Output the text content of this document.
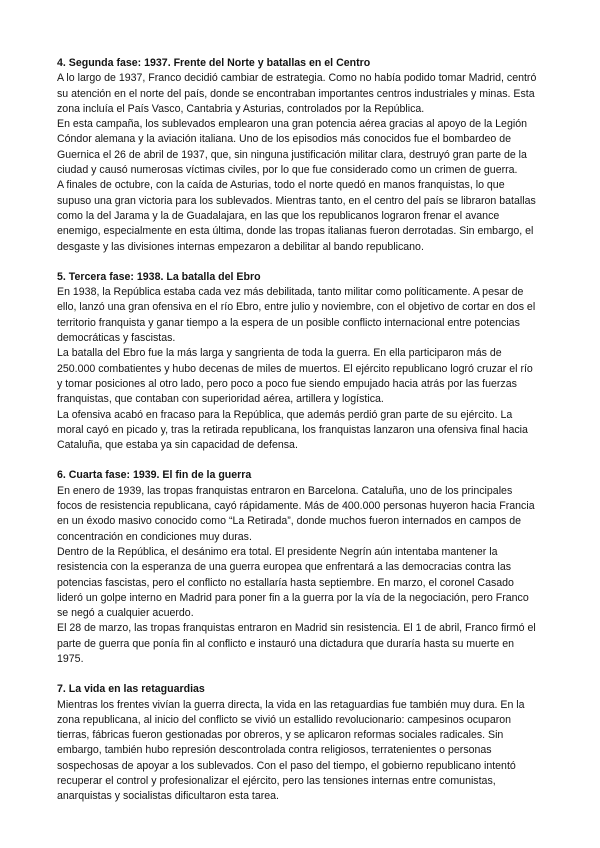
4. Segunda fase: 1937. Frente del Norte y batallas en el Centro

A lo largo de 1937, Franco decidió cambiar de estrategia. Como no había podido tomar Madrid, centró su atención en el norte del país, donde se encontraban importantes centros industriales y minas. Esta zona incluía el País Vasco, Cantabria y Asturias, controlados por la República.

En esta campaña, los sublevados emplearon una gran potencia aérea gracias al apoyo de la Legión Cóndor alemana y la aviación italiana. Uno de los episodios más conocidos fue el bombardeo de Guernica el 26 de abril de 1937, que, sin ninguna justificación militar clara, destruyó gran parte de la ciudad y causó numerosas víctimas civiles, por lo que fue considerado como un crimen de guerra.

A finales de octubre, con la caída de Asturias, todo el norte quedó en manos franquistas, lo que supuso una gran victoria para los sublevados. Mientras tanto, en el centro del país se libraron batallas como la del Jarama y la de Guadalajara, en las que los republicanos lograron frenar el avance enemigo, especialmente en esta última, donde las tropas italianas fueron derrotadas. Sin embargo, el desgaste y las divisiones internas empezaron a debilitar al bando republicano.

5. Tercera fase: 1938. La batalla del Ebro

En 1938, la República estaba cada vez más debilitada, tanto militar como políticamente. A pesar de ello, lanzó una gran ofensiva en el río Ebro, entre julio y noviembre, con el objetivo de cortar en dos el territorio franquista y ganar tiempo a la espera de un posible conflicto internacional entre potencias democráticas y fascistas.

La batalla del Ebro fue la más larga y sangrienta de toda la guerra. En ella participaron más de 250.000 combatientes y hubo decenas de miles de muertos. El ejército republicano logró cruzar el río y tomar posiciones al otro lado, pero poco a poco fue siendo empujado hacia atrás por las fuerzas franquistas, que contaban con superioridad aérea, artillera y logística.

La ofensiva acabó en fracaso para la República, que además perdió gran parte de su ejército. La moral cayó en picado y, tras la retirada republicana, los franquistas lanzaron una ofensiva final hacia Cataluña, que estaba ya sin capacidad de defensa.

6. Cuarta fase: 1939. El fin de la guerra

En enero de 1939, las tropas franquistas entraron en Barcelona. Cataluña, uno de los principales focos de resistencia republicana, cayó rápidamente. Más de 400.000 personas huyeron hacia Francia en un éxodo masivo conocido como “La Retirada”, donde muchos fueron internados en campos de concentración en condiciones muy duras.

Dentro de la República, el desánimo era total. El presidente Negrín aún intentaba mantener la resistencia con la esperanza de una guerra europea que enfrentará a las democracias contra las potencias fascistas, pero el conflicto no estallaría hasta septiembre. En marzo, el coronel Casado lideró un golpe interno en Madrid para poner fin a la guerra por la vía de la negociación, pero Franco se negó a cualquier acuerdo.

El 28 de marzo, las tropas franquistas entraron en Madrid sin resistencia. El 1 de abril, Franco firmó el parte de guerra que ponía fin al conflicto e instauró una dictadura que duraría hasta su muerte en 1975.

7. La vida en las retaguardias

Mientras los frentes vivían la guerra directa, la vida en las retaguardias fue también muy dura. En la zona republicana, al inicio del conflicto se vivió un estallido revolucionario: campesinos ocuparon tierras, fábricas fueron gestionadas por obreros, y se aplicaron reformas sociales radicales. Sin embargo, también hubo represión descontrolada contra religiosos, terratenientes o personas sospechosas de apoyar a los sublevados. Con el paso del tiempo, el gobierno republicano intentó recuperar el control y profesionalizar el ejército, pero las tensiones internas entre comunistas, anarquistas y socialistas dificultaron esta tarea.
